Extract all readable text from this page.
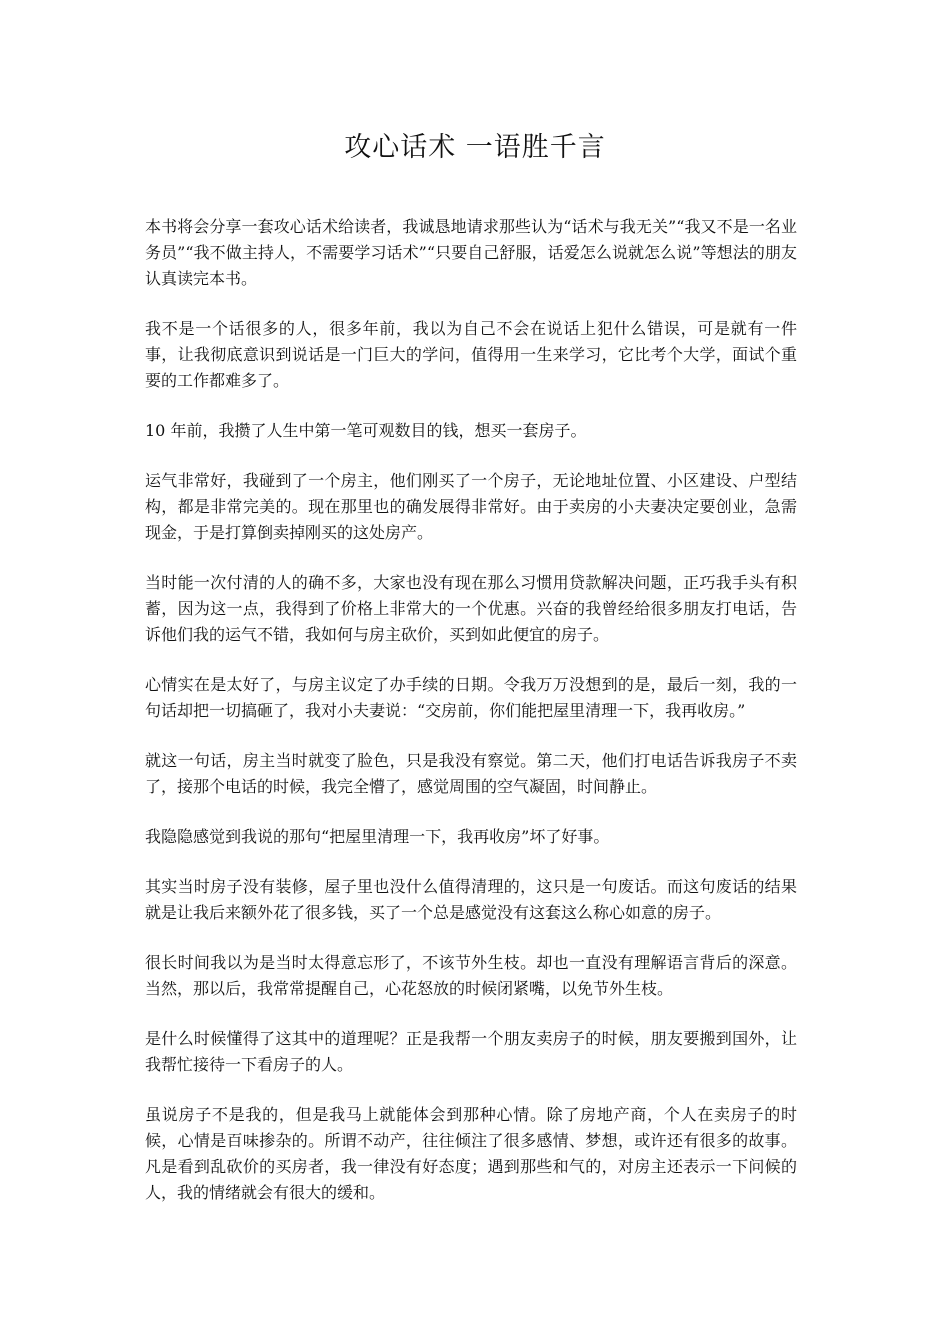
攻心话术 一语胜千言

本书将会分享一套攻心话术给读者，我诚恳地请求那些认为“话术与我无关”“我又不是一名业务员”“我不做主持人，不需要学习话术”“只要自己舒服，话爱怎么说就怎么说”等想法的朋友认真读完本书。

我不是一个话很多的人，很多年前，我以为自己不会在说话上犯什么错误，可是就有一件事，让我彻底意识到说话是一门巨大的学问，值得用一生来学习，它比考个大学，面试个重要的工作都难多了。

10 年前，我攒了人生中第一笔可观数目的钱，想买一套房子。

运气非常好，我碰到了一个房主，他们刚买了一个房子，无论地址位置、小区建设、户型结构，都是非常完美的。现在那里也的确发展得非常好。由于卖房的小夫妻决定要创业，急需现金，于是打算倒卖掉刚买的这处房产。

当时能一次付清的人的确不多，大家也没有现在那么习惯用贷款解决问题，正巧我手头有积蓄，因为这一点，我得到了价格上非常大的一个优惠。兴奋的我曾经给很多朋友打电话，告诉他们我的运气不错，我如何与房主砍价，买到如此便宜的房子。

心情实在是太好了，与房主议定了办手续的日期。令我万万没想到的是，最后一刻，我的一句话却把一切搞砸了，我对小夫妻说：“交房前，你们能把屋里清理一下，我再收房。”

就这一句话，房主当时就变了脸色，只是我没有察觉。第二天，他们打电话告诉我房子不卖了，接那个电话的时候，我完全懵了，感觉周围的空气凝固，时间静止。

我隐隐感觉到我说的那句“把屋里清理一下，我再收房”坏了好事。

其实当时房子没有装修，屋子里也没什么值得清理的，这只是一句废话。而这句废话的结果就是让我后来额外花了很多钱，买了一个总是感觉没有这套这么称心如意的房子。

很长时间我以为是当时太得意忘形了，不该节外生枝。却也一直没有理解语言背后的深意。当然，那以后，我常常提醒自己，心花怒放的时候闭紧嘴，以免节外生枝。

是什么时候懂得了这其中的道理呢？正是我帮一个朋友卖房子的时候，朋友要搬到国外，让我帮忙接待一下看房子的人。

虽说房子不是我的，但是我马上就能体会到那种心情。除了房地产商，个人在卖房子的时候，心情是百味掺杂的。所谓不动产，往往倾注了很多感情、梦想，或许还有很多的故事。凡是看到乱砍价的买房者，我一律没有好态度；遇到那些和气的，对房主还表示一下问候的人，我的情绪就会有很大的缓和。
